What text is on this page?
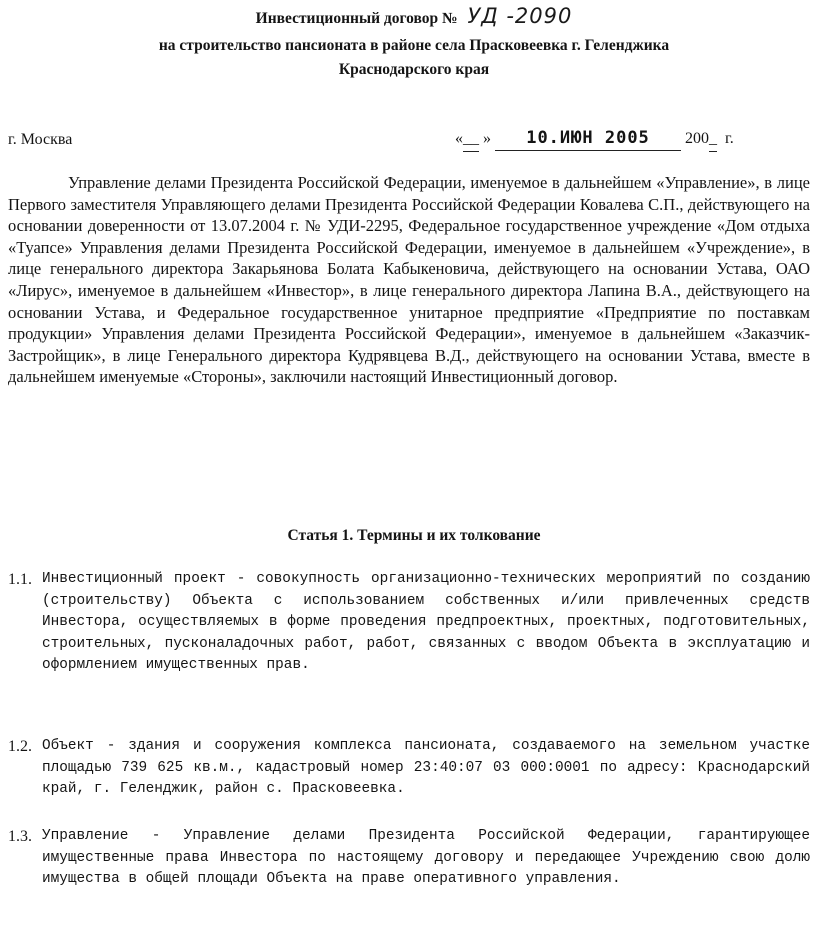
Инвестиционный договор № УД -2090
на строительство пансионата в районе села Прасковеевка г. Геленджика
Краснодарского края
г. Москва	«__ » 10.ИЮН 2005 200_ г.

Управление делами Президента Российской Федерации, именуемое в дальнейшем «Управление», в лице Первого заместителя Управляющего делами Президента Российской Федерации Ковалева С.П., действующего на основании доверенности от 13.07.2004 г. № УДИ-2295, Федеральное государственное учреждение «Дом отдыха «Туапсе» Управления делами Президента Российской Федерации, именуемое в дальнейшем «Учреждение», в лице генерального директора Закарьянова Болата Кабыкеновича, действующего на основании Устава, ОАО «Лирус», именуемое в дальнейшем «Инвестор», в лице генерального директора Лапина В.А., действующего на основании Устава, и Федеральное государственное унитарное предприятие «Предприятие по поставкам продукции» Управления делами Президента Российской Федерации», именуемое в дальнейшем «Заказчик-Застройщик», в лице Генерального директора Кудрявцева В.Д., действующего на основании Устава, вместе в дальнейшем именуемые «Стороны», заключили настоящий Инвестиционный договор.

Статья 1. Термины и их толкование
1.1. Инвестиционный проект - совокупность организационно-технических мероприятий по созданию (строительству) Объекта с использованием собственных и/или привлеченных средств Инвестора, осуществляемых в форме проведения предпроектных, проектных, подготовительных, строительных, пусконаладочных работ, работ, связанных с вводом Объекта в эксплуатацию и оформлением имущественных прав.

1.2. Объект - здания и сооружения комплекса пансионата, создаваемого на земельном участке площадью 739 625 кв.м., кадастровый номер 23:40:07 03 000:0001 по адресу: Краснодарский край, г. Геленджик, район с. Прасковеевка.

1.3. Управление - Управление делами Президента Российской Федерации, гарантирующее имущественные права Инвестора по настоящему договору и передающее Учреждению свою долю имущества в общей площади Объекта на праве оперативного управления.
